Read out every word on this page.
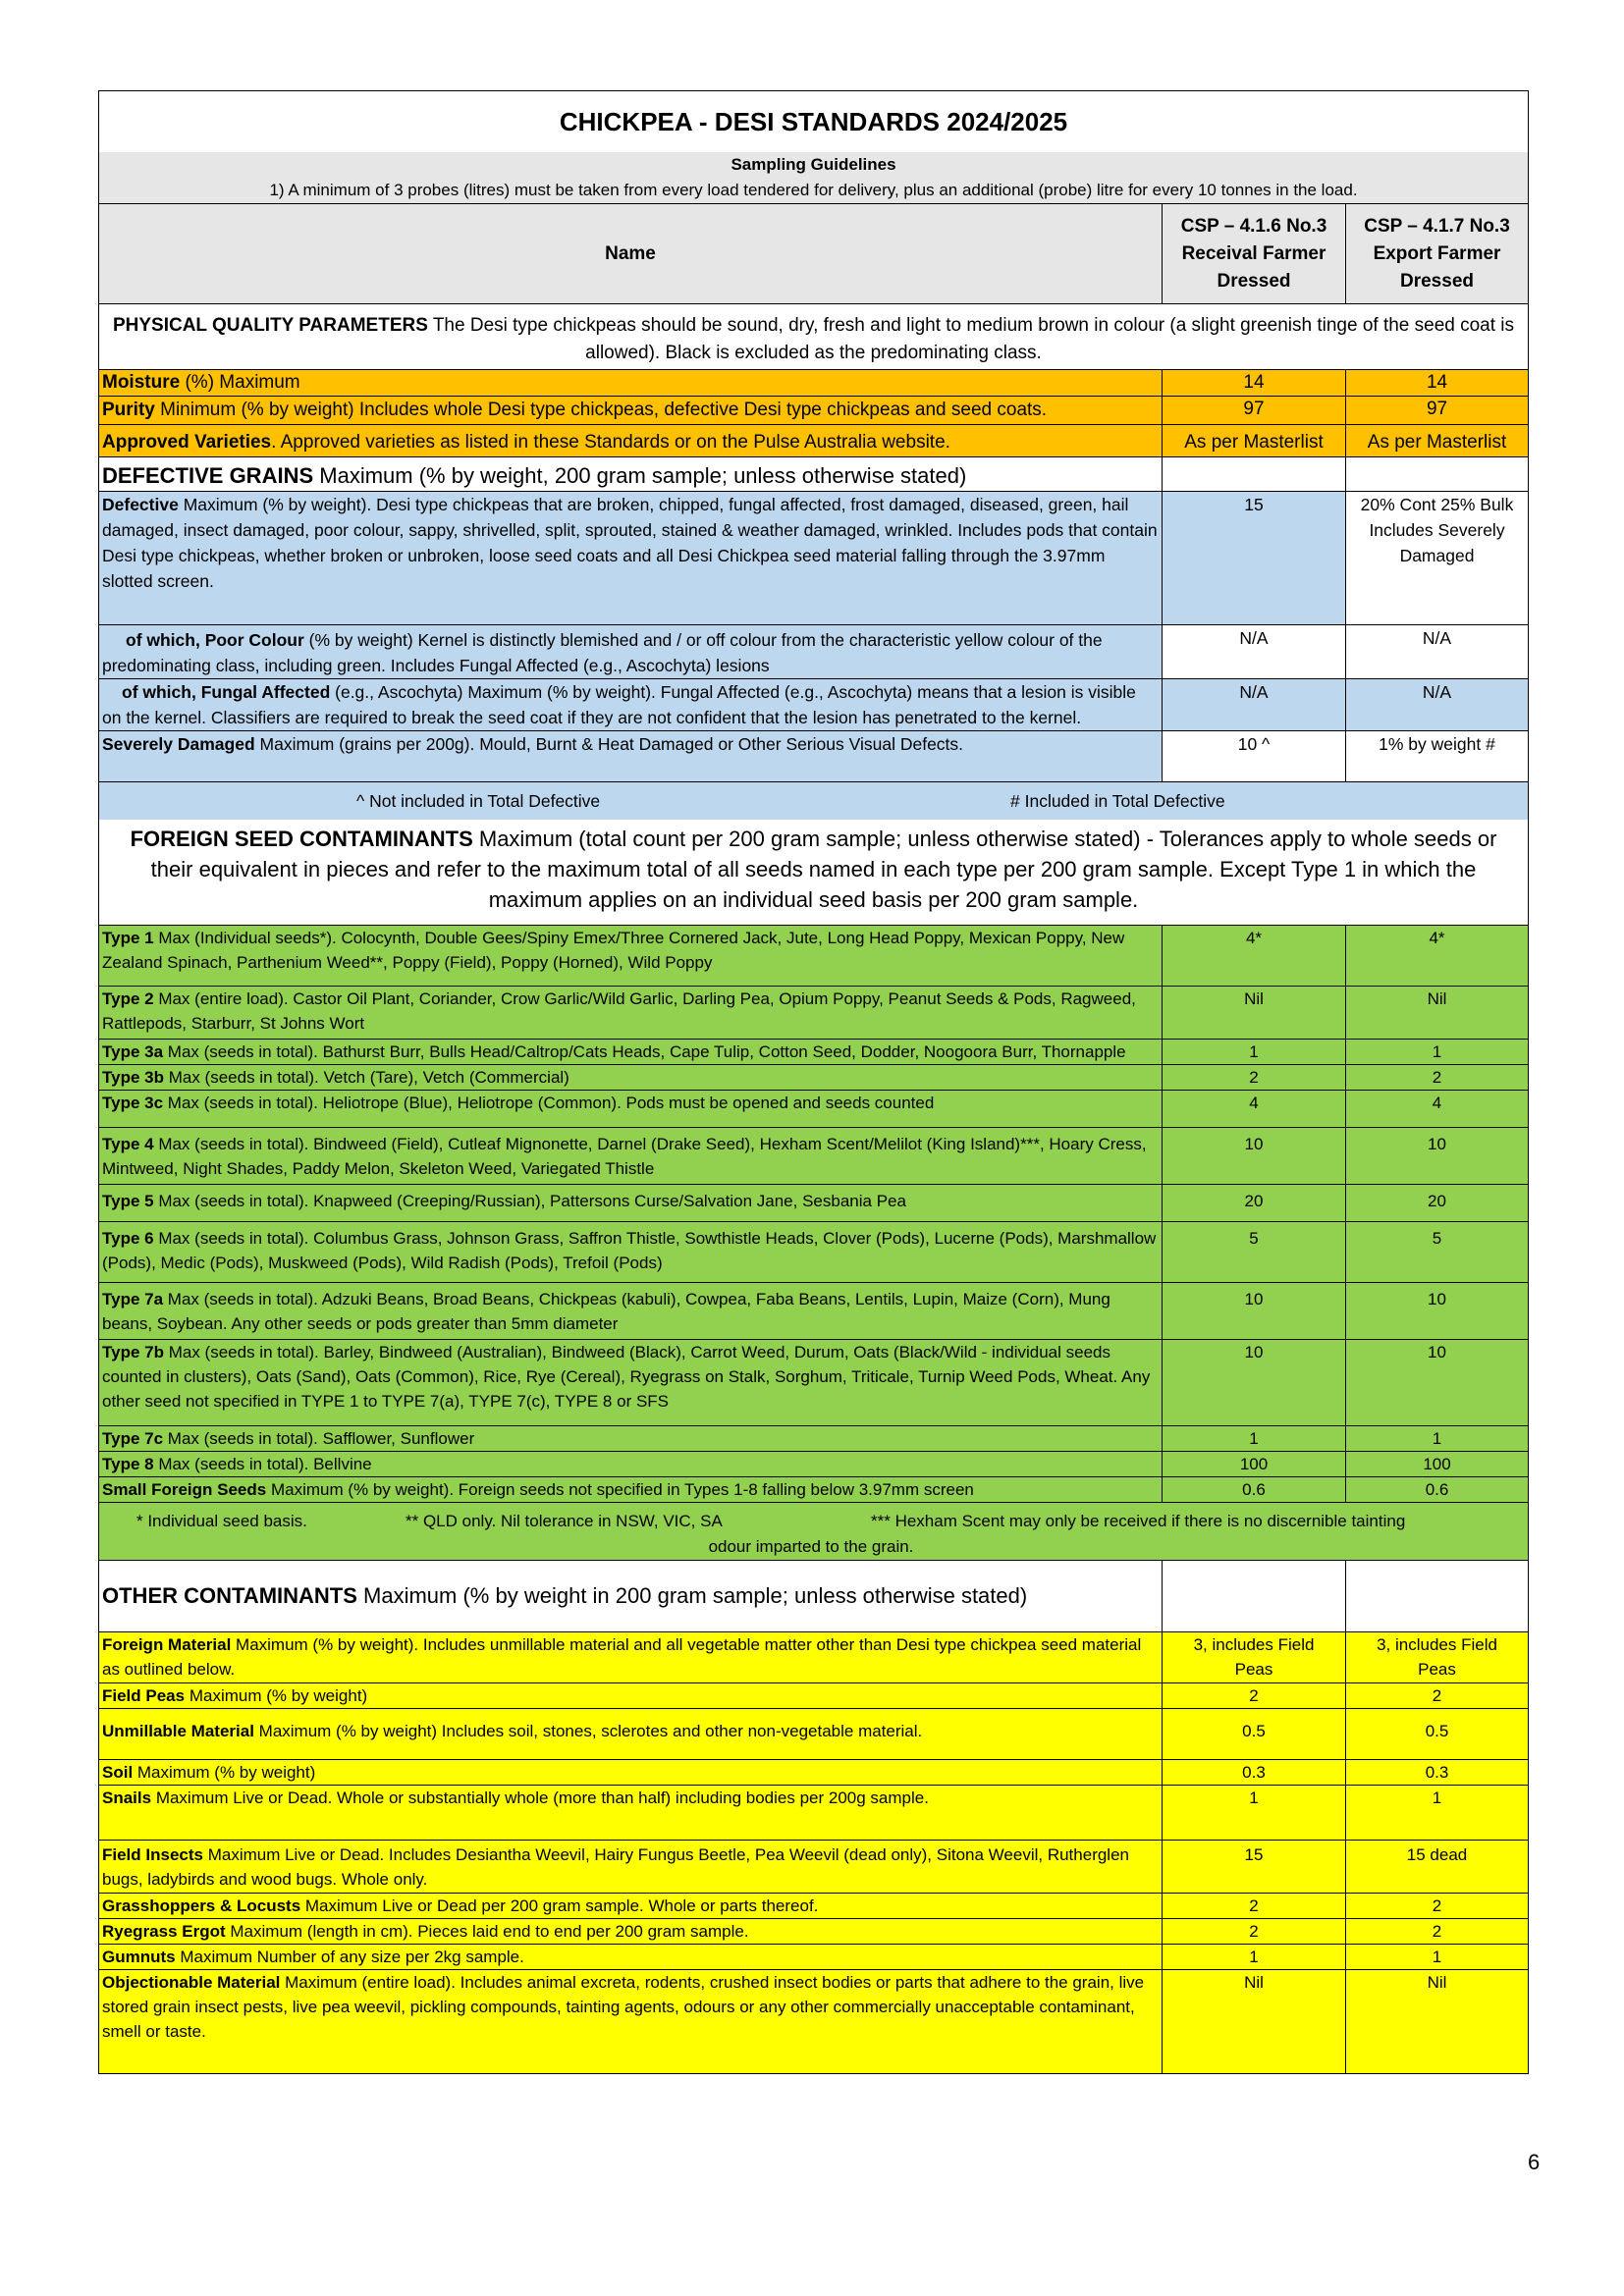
CHICKPEA - DESI STANDARDS 2024/2025		
Sampling Guidelines		
1) A minimum of 3 probes (litres) must be taken from every load tendered for delivery, plus an additional (probe) litre for every 10 tonnes in the load.		
Name	CSP – 4.1.6 No.3 Receival Farmer Dressed	CSP – 4.1.7 No.3 Export Farmer Dressed
PHYSICAL QUALITY PARAMETERS The Desi type chickpeas should be sound, dry, fresh and light to medium brown in colour (a slight greenish tinge of the seed coat is allowed). Black is excluded as the predominating class.		
Moisture (%) Maximum	14	14
Purity Minimum (% by weight) Includes whole Desi type chickpeas, defective Desi type chickpeas and seed coats.	97	97
Approved Varieties. Approved varieties as listed in these Standards or on the Pulse Australia website.	As per Masterlist	As per Masterlist
DEFECTIVE GRAINS Maximum (% by weight, 200 gram sample; unless otherwise stated)		
Defective Maximum (% by weight). Desi type chickpeas that are broken, chipped, fungal affected, frost damaged, diseased, green, hail damaged, insect damaged, poor colour, sappy, shrivelled, split, sprouted, stained & weather damaged, wrinkled. Includes pods that contain Desi type chickpeas, whether broken or unbroken, loose seed coats and all Desi Chickpea seed material falling through the 3.97mm slotted screen.	15	20% Cont 25% Bulk Includes Severely Damaged
of which, Poor Colour (% by weight) Kernel is distinctly blemished and / or off colour from the characteristic yellow colour of the predominating class, including green. Includes Fungal Affected (e.g., Ascochyta) lesions	N/A	N/A
of which, Fungal Affected (e.g., Ascochyta) Maximum (% by weight). Fungal Affected (e.g., Ascochyta) means that a lesion is visible on the kernel. Classifiers are required to break the seed coat if they are not confident that the lesion has penetrated to the kernel.	N/A	N/A
Severely Damaged Maximum (grains per 200g). Mould, Burnt & Heat Damaged or Other Serious Visual Defects.	10 ^	1% by weight #

^ Not included in Total Defective # Included in Total Defective		

FOREIGN SEED CONTAMINANTS Maximum (total count per 200 gram sample; unless otherwise stated) - Tolerances apply to whole seeds or their equivalent in pieces and refer to the maximum total of all seeds named in each type per 200 gram sample. Except Type 1 in which the maximum applies on an individual seed basis per 200 gram sample.		
Type 1 Max (Individual seeds*). Colocynth, Double Gees/Spiny Emex/Three Cornered Jack, Jute, Long Head Poppy, Mexican Poppy, New Zealand Spinach, Parthenium Weed**, Poppy (Field), Poppy (Horned), Wild Poppy	4*	4*
Type 2 Max (entire load). Castor Oil Plant, Coriander, Crow Garlic/Wild Garlic, Darling Pea, Opium Poppy, Peanut Seeds & Pods, Ragweed, Rattlepods, Starburr, St Johns Wort	Nil	Nil
Type 3a Max (seeds in total). Bathurst Burr, Bulls Head/Caltrop/Cats Heads, Cape Tulip, Cotton Seed, Dodder, Noogoora Burr, Thornapple	1	1
Type 3b Max (seeds in total). Vetch (Tare), Vetch (Commercial)	2	2
Type 3c Max (seeds in total). Heliotrope (Blue), Heliotrope (Common). Pods must be opened and seeds counted	4	4
Type 4 Max (seeds in total). Bindweed (Field), Cutleaf Mignonette, Darnel (Drake Seed), Hexham Scent/Melilot (King Island)***, Hoary Cress, Mintweed, Night Shades, Paddy Melon, Skeleton Weed, Variegated Thistle	10	10
Type 5 Max (seeds in total). Knapweed (Creeping/Russian), Pattersons Curse/Salvation Jane, Sesbania Pea	20	20
Type 6 Max (seeds in total). Columbus Grass, Johnson Grass, Saffron Thistle, Sowthistle Heads, Clover (Pods), Lucerne (Pods), Marshmallow (Pods), Medic (Pods), Muskweed (Pods), Wild Radish (Pods), Trefoil (Pods)	5	5
Type 7a Max (seeds in total). Adzuki Beans, Broad Beans, Chickpeas (kabuli), Cowpea, Faba Beans, Lentils, Lupin, Maize (Corn), Mung beans, Soybean. Any other seeds or pods greater than 5mm diameter	10	10
Type 7b Max (seeds in total). Barley, Bindweed (Australian), Bindweed (Black), Carrot Weed, Durum, Oats (Black/Wild - individual seeds counted in clusters), Oats (Sand), Oats (Common), Rice, Rye (Cereal), Ryegrass on Stalk, Sorghum, Triticale, Turnip Weed Pods, Wheat. Any other seed not specified in TYPE 1 to TYPE 7(a), TYPE 7(c), TYPE 8 or SFS	10	10
Type 7c Max (seeds in total). Safflower, Sunflower	1	1
Type 8 Max (seeds in total). Bellvine	100	100
Small Foreign Seeds Maximum (% by weight). Foreign seeds not specified in Types 1-8 falling below 3.97mm screen	0.6	0.6

* Individual seed basis. ** QLD only. Nil tolerance in NSW, VIC, SA *** Hexham Scent may only be received if there is no discernible tainting
odour imparted to the grain.		

OTHER CONTAMINANTS Maximum (% by weight in 200 gram sample; unless otherwise stated)		
Foreign Material Maximum (% by weight). Includes unmillable material and all vegetable matter other than Desi type chickpea seed material as outlined below.	3, includes Field Peas	3, includes Field Peas
Field Peas Maximum (% by weight)	2	2
Unmillable Material Maximum (% by weight) Includes soil, stones, sclerotes and other non-vegetable material.	0.5	0.5
Soil Maximum (% by weight)	0.3	0.3
Snails Maximum Live or Dead. Whole or substantially whole (more than half) including bodies per 200g sample.	1	1
Field Insects Maximum Live or Dead. Includes Desiantha Weevil, Hairy Fungus Beetle, Pea Weevil (dead only), Sitona Weevil, Rutherglen bugs, ladybirds and wood bugs. Whole only.	15	15 dead
Grasshoppers & Locusts Maximum Live or Dead per 200 gram sample. Whole or parts thereof.	2	2
Ryegrass Ergot Maximum (length in cm). Pieces laid end to end per 200 gram sample.	2	2
Gumnuts Maximum Number of any size per 2kg sample.	1	1
Objectionable Material Maximum (entire load). Includes animal excreta, rodents, crushed insect bodies or parts that adhere to the grain, live stored grain insect pests, live pea weevil, pickling compounds, tainting agents, odours or any other commercially unacceptable contaminant, smell or taste.	Nil	Nil
6
